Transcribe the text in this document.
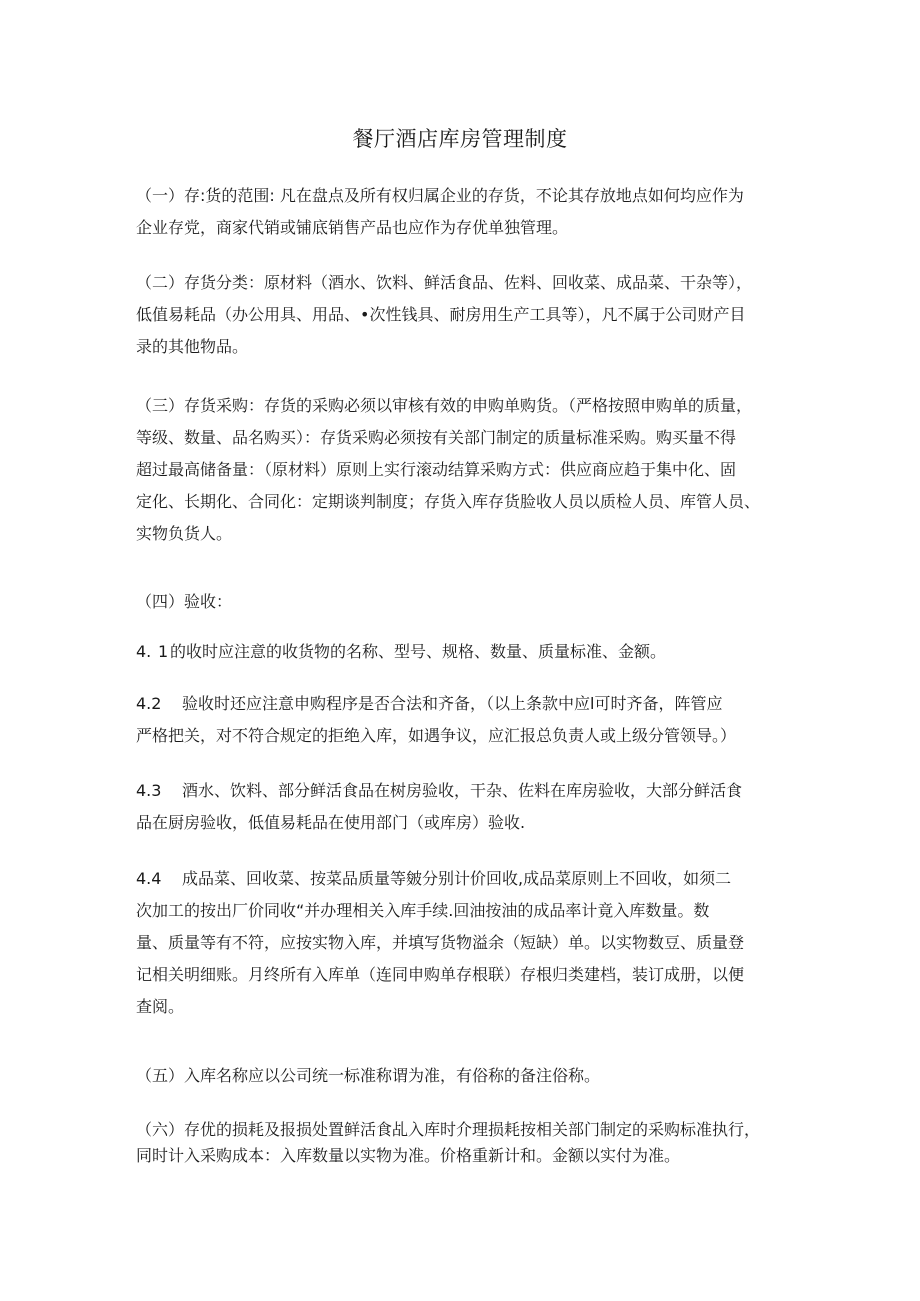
餐厅酒店库房管理制度
（一）存:货的范围: 凡在盘点及所有权归属企业的存货，不论其存放地点如何均应作为
企业存党，商家代销或铺底销售产品也应作为存优单独管理。
（二）存货分类：原材料（酒水、饮料、鲜活食品、佐料、回收菜、成品菜、干杂等），
低值易耗品（办公用具、用品、•次性钱具、耐房用生产工具等），凡不属于公司财产目
录的其他物品。
（三）存货采购：存货的采购必须以审核有效的申购单购货。（严格按照申购单的质量，
等级、数量、品名购买）：存货采购必须按有关部门制定的质量标准采购。购买量不得
超过最高储备量：（原材料）原则上实行滚动结算采购方式：供应商应趋于集中化、固
定化、长期化、合同化：定期谈判制度；存货入库存货脸收人员以质检人员、库管人员、
实物负货人。
（四）验收：
4. 1 的收时应注意的收货物的名称、型号、规格、数量、质量标准、金额。
4.2 验收时还应注意申购程序是否合法和齐备，（以上条款中应l可时齐备，阵管应
严格把关，对不符合规定的拒绝入库，如遇争议，应汇报总负责人或上级分管领导。）
4.3 酒水、饮料、部分鲜活食品在树房验收，干杂、佐料在库房验收，大部分鲜活食
品在厨房验收，低值易耗品在使用部门（或库房）验收.
4.4 成品菜、回收菜、按菜品质量等皴分别计价回收,成品菜原则上不回收，如须二
次加工的按出厂价同收“并办理相关入库手续.回油按油的成品率计竟入库数量。数
量、质量等有不符，应按实物入库，并填写货物溢余（短缺）单。以实物数豆、质量登
记相关明细账。月终所有入库单（连同申购单存根联）存根归类建档，装订成册，以便
查阅。
（五）入库名称应以公司统一标准称谓为准，有俗称的备注俗称。
（六）存优的损耗及报损处置鲜活食乩入库时介理损耗按相关部门制定的采购标准执行，
同时计入采购成本：入库数量以实物为准。价格重新计和。金额以实付为准。
